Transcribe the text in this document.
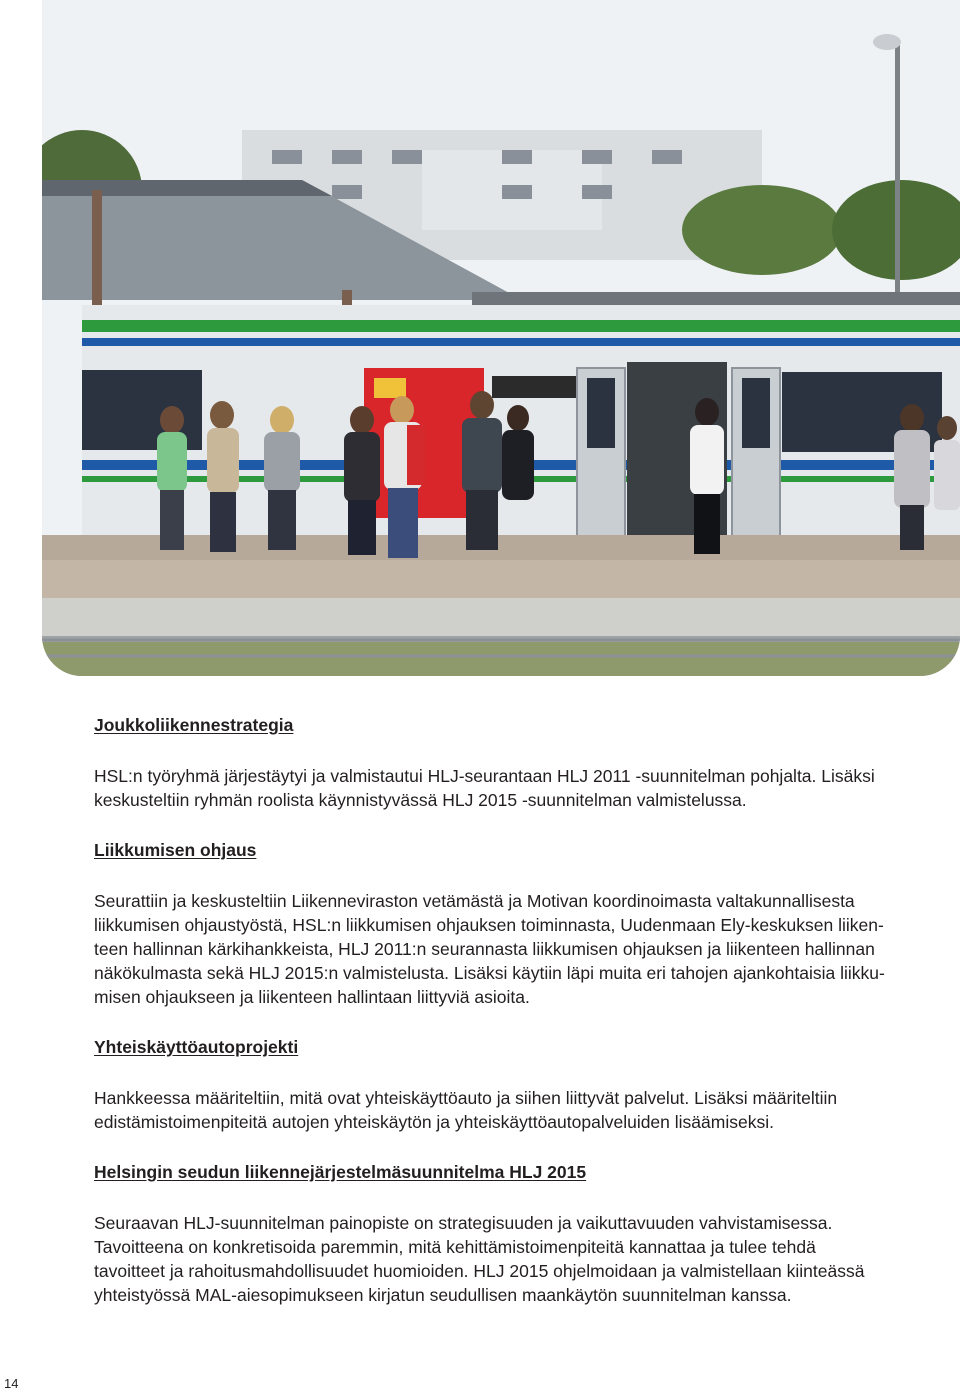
Joukkoliikennestrategia

HSL:n työryhmä järjestäytyi ja valmistautui HLJ-seurantaan HLJ 2011 -suunnitelman pohjalta. Lisäksi
keskusteltiin ryhmän roolista käynnistyvässä HLJ 2015 -suunnitelman valmistelussa.

Liikkumisen ohjaus

Seurattiin ja keskusteltiin Liikenneviraston vetämästä ja Motivan koordinoimasta valtakunnallisesta
liikkumisen ohjaustyöstä, HSL:n liikkumisen ohjauksen toiminnasta, Uudenmaan Ely-keskuksen liiken-
teen hallinnan kärkihankkeista, HLJ 2011:n seurannasta liikkumisen ohjauksen ja liikenteen hallinnan
näkökulmasta sekä HLJ 2015:n valmistelusta. Lisäksi käytiin läpi muita eri tahojen ajankohtaisia liikku-
misen ohjaukseen ja liikenteen hallintaan liittyviä asioita.

Yhteiskäyttöautoprojekti

Hankkeessa määriteltiin, mitä ovat yhteiskäyttöauto ja siihen liittyvät palvelut. Lisäksi määriteltiin
edistämistoimenpiteitä autojen yhteiskäytön ja yhteiskäyttöautopalveluiden lisäämiseksi.

Helsingin seudun liikennejärjestelmäsuunnitelma HLJ 2015

Seuraavan HLJ-suunnitelman painopiste on strategisuuden ja vaikuttavuuden vahvistamisessa.
Tavoitteena on konkretisoida paremmin, mitä kehittämistoimenpiteitä kannattaa ja tulee tehdä
tavoitteet ja rahoitusmahdollisuudet huomioiden. HLJ 2015 ohjelmoidaan ja valmistellaan kiinteässä
yhteistyössä MAL-aiesopimukseen kirjatun seudullisen maankäytön suunnitelman kanssa.

14
